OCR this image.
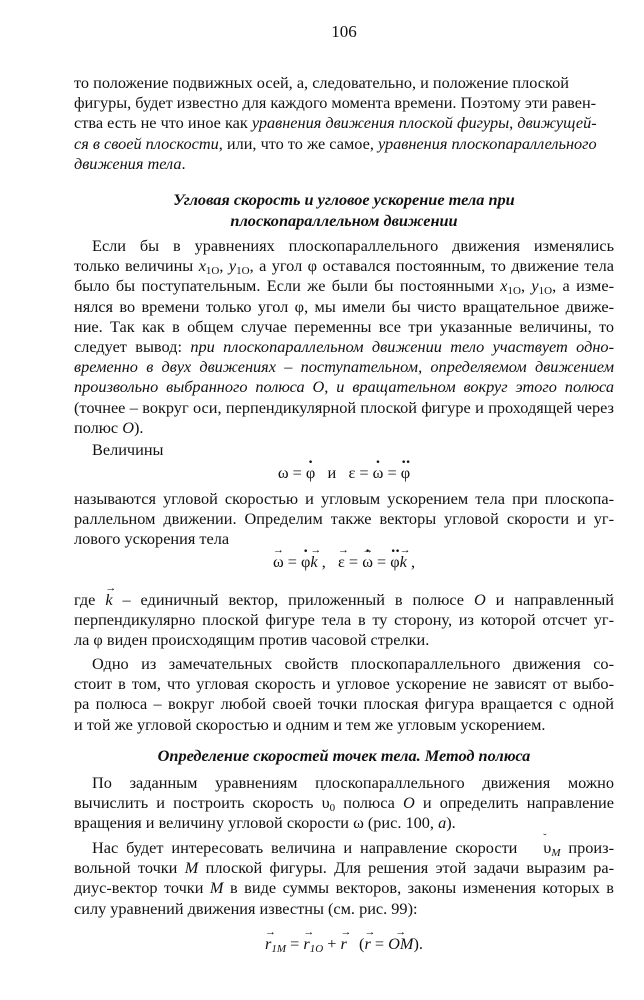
106
то положение подвижных осей, а, следовательно, и положение плоской
фигуры, будет известно для каждого момента времени. Поэтому эти равен-
ства есть не что иное как уравнения движения плоской фигуры, движущей-
ся в своей плоскости, или, что то же самое, уравнения плоскопараллельного
движения тела.
Угловая скорость и угловое ускорение тела при
плоскопараллельном движении
Если бы в уравнениях плоскопараллельного движения изменялись
только величины $x_{1O}$, $y_{1O}$, а угол φ оставался постоянным, то движение тела
было бы поступательным. Если же были бы постоянными $x_{1O}$, $y_{1O}$, а изме-
нялся во времени только угол φ, мы имели бы чисто вращательное движе-
ние. Так как в общем случае переменны все три указанные величины, то
следует вывод: при плоскопараллельном движении тело участвует одно-
временно в двух движениях – поступательном, определяемом движением
произвольно выбранного полюса О, и вращательном вокруг этого полюса
(точнее – вокруг оси, перпендикулярной плоской фигуре и проходящей через
полюс O).
Величины
ω = φ · и ε = ω · = φ ··
называются угловой скоростью и угловым ускорением тела при плоскопа-
раллельном движении. Определим также векторы угловой скорости и уг-
лового ускорения тела
→ ω = φ ·→ k ,   → ε = → ω · = φ ··→ k ,
где → k – единичный вектор, приложенный в полюсе O и направленный
перпендикулярно плоской фигуре тела в ту сторону, из которой отсчет уг-
ла φ виден происходящим против часовой стрелки.
Одно из замечательных свойств плоскопараллельного движения со-
стоит в том, что угловая скорость и угловое ускорение не зависят от выбо-
ра полюса – вокруг любой своей точки плоская фигура вращается с одной
и той же угловой скоростью и одним и тем же угловым ускорением.
Определение скоростей точек тела. Метод полюса
По заданным уравнениям плоскопараллельного движения можно
вычислить и построить скорость υ $˘_0$ полюса O и определить направление
вращения и величину угловой скорости ω (рис. 100, a).
Нас будет интересовать величина и направление скорости υ $˘_M$ произ-
вольной точки M плоской фигуры. Для решения этой задачи выразим ра-
диус-вектор точки M в виде суммы векторов, законы изменения которых в
силу уравнений движения известны (см. рис. 99):
→ $r_{1M}$ = → $r_{1O}$ + → r   (→ r = → OM).
